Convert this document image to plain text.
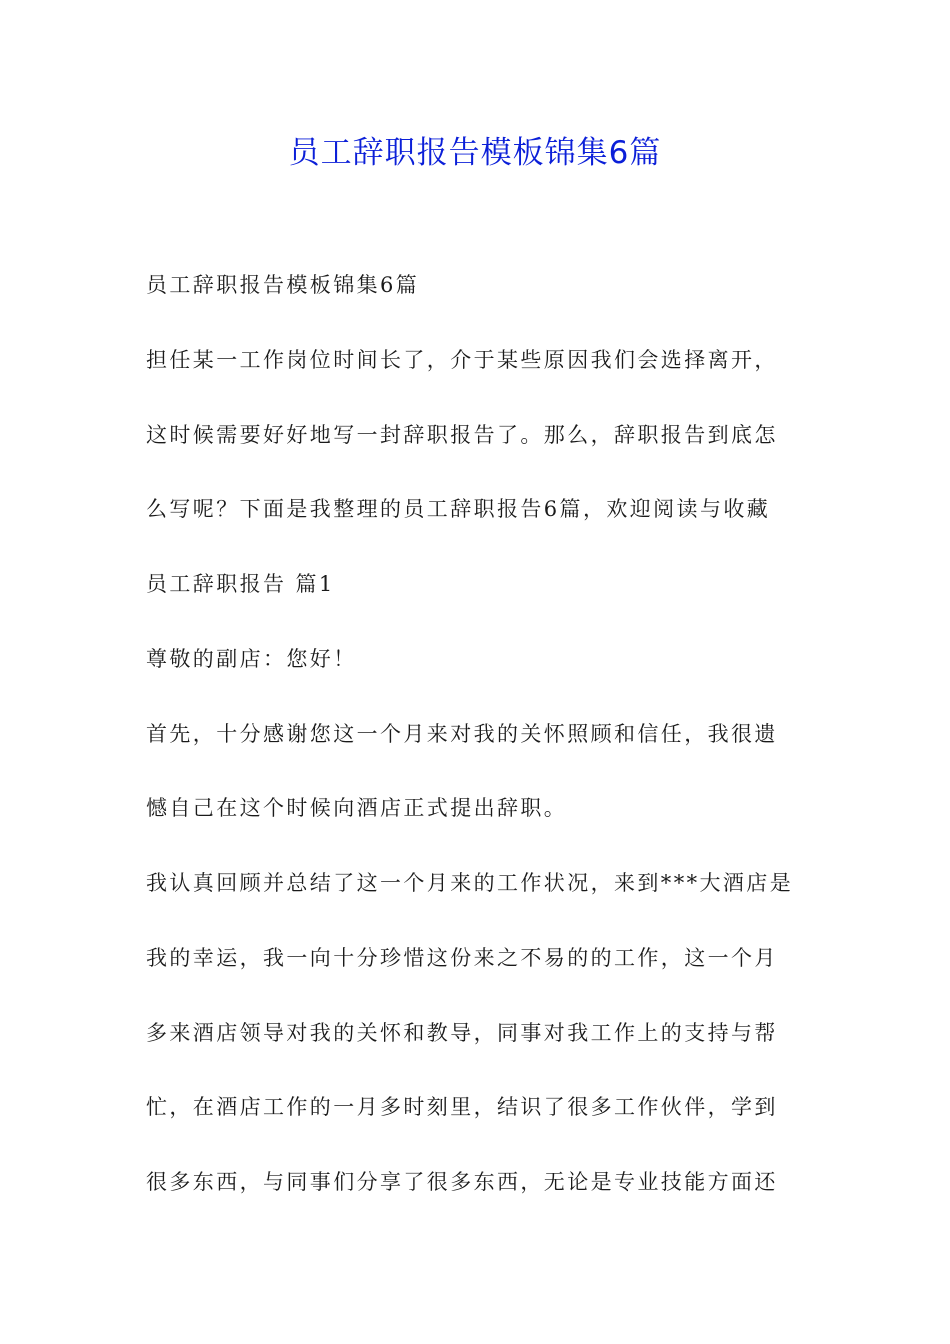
员工辞职报告模板锦集6篇
员工辞职报告模板锦集6篇
担任某一工作岗位时间长了，介于某些原因我们会选择离开，
这时候需要好好地写一封辞职报告了。那么，辞职报告到底怎
么写呢？下面是我整理的员工辞职报告6篇，欢迎阅读与收藏
员工辞职报告 篇1
尊敬的副店：您好！
首先，十分感谢您这一个月来对我的关怀照顾和信任，我很遗
憾自己在这个时候向酒店正式提出辞职。
我认真回顾并总结了这一个月来的工作状况，来到***大酒店是
我的幸运，我一向十分珍惜这份来之不易的的工作，这一个月
多来酒店领导对我的关怀和教导，同事对我工作上的支持与帮
忙，在酒店工作的一月多时刻里，结识了很多工作伙伴，学到
很多东西，与同事们分享了很多东西，无论是专业技能方面还
